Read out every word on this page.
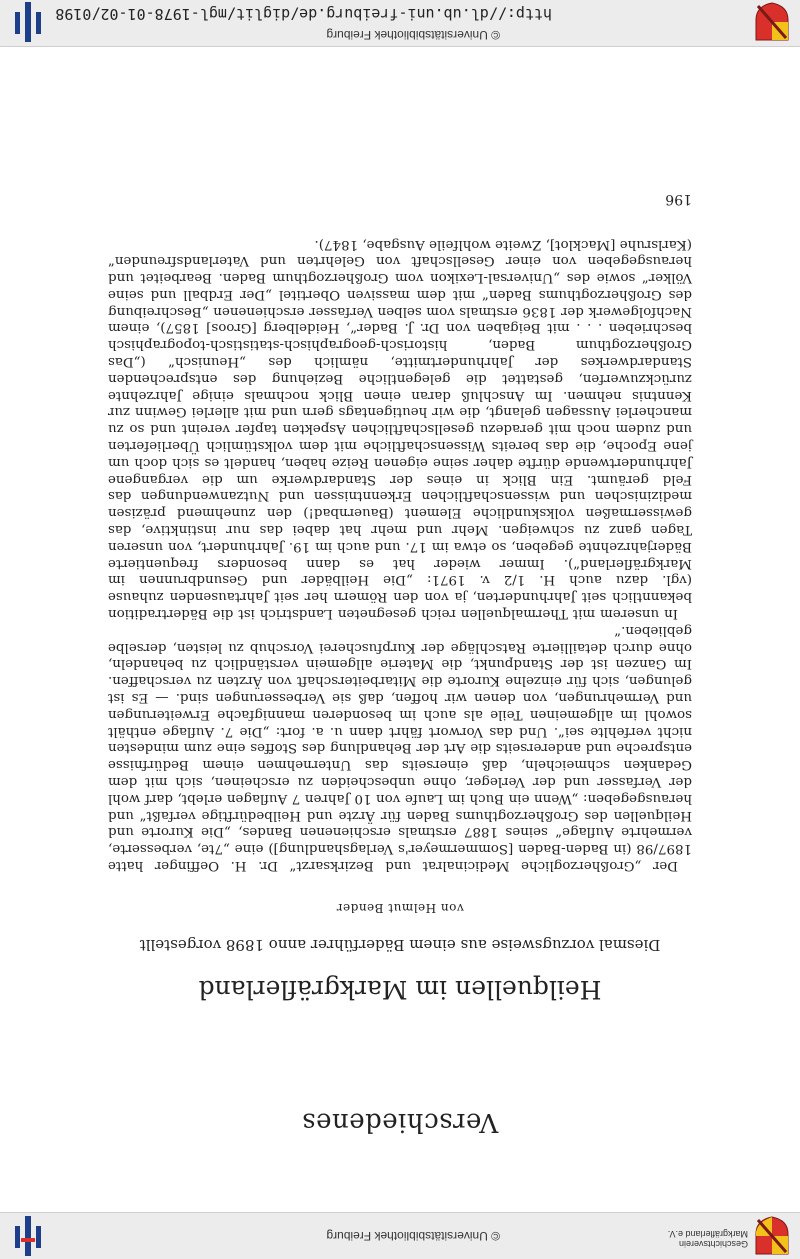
Geschichtsverein
Markgräflerland e.V.
© Universitätsbibliothek Freiburg
Verschiedenes
Heilquellen im Markgräflerland
Diesmal vorzugsweise aus einem Bäderführer anno 1898 vorgestellt
von Helmut Bender

Der „Großherzogliche Medicinalrat und Bezirksarzt“ Dr. H. Oeffinger hatte 1897/98 (in Baden-Baden [Sommermeyer's Verlagshandlung]) eine „7te, verbesserte, vermehrte Auflage“ seines 1887 erstmals erschienenen Bandes, „Die Kurorte und Heilquellen des Großherzogthums Baden für Ärzte und Heilbedürftige verfaßt“ und herausgegeben: „Wenn ein Buch im Laufe von 10 Jahren 7 Auflagen erlebt, darf wohl der Verfasser und der Verleger, ohne unbescheiden zu erscheinen, sich mit dem Gedanken schmeicheln, daß einerseits das Unternehmen einem Bedürfnisse entspreche und andererseits die Art der Behandlung des Stoffes eine zum mindesten nicht verfehlte sei“. Und das Vorwort fährt dann u. a. fort: „Die 7. Auflage enthält sowohl im allgemeinen Teile als auch im besonderen mannigfache Erweiterungen und Vermehrungen, von denen wir hoffen, daß sie Verbesserungen sind. — Es ist gelungen, sich für einzelne Kurorte die Mitarbeiterschaft von Ärzten zu verschaffen. Im Ganzen ist der Standpunkt, die Materie allgemein verständlich zu behandeln, ohne durch detaillierte Ratschläge der Kurpfuscherei Vorschub zu leisten, derselbe geblieben.“

In unserem mit Thermalquellen reich gesegneten Landstrich ist die Bädertradition bekanntlich seit Jahrhunderten, ja von den Römern her seit Jahrtausenden zuhause (vgl. dazu auch H. 1/2 v. 1971: „Die Heilbäder und Gesundbrunnen im Markgräflerland“). Immer wieder hat es dann besonders frequentierte Bäderjahrzehnte gegeben, so etwa im 17. und auch im 19. Jahrhundert, von unseren Tagen ganz zu schweigen. Mehr und mehr hat dabei das nur instinktive, das gewissermaßen volkskundliche Element (Bauernbad!) den zunehmend präzisen medizinischen und wissenschaftlichen Erkenntnissen und Nutzanwendungen das Feld geräumt. Ein Blick in eines der Standardwerke um die vergangene Jahrhundertwende dürfte daher seine eigenen Reize haben, handelt es sich doch um jene Epoche, die das bereits Wissenschaftliche mit dem volkstümlich Überlieferten und zudem noch mit geradezu gesellschaftlichen Aspekten tapfer vereint und so zu mancherlei Aussagen gelangt, die wir heutigentags gern und mit allerlei Gewinn zur Kenntnis nehmen. Im Anschluß daran einen Blick nochmals einige Jahrzehnte zurückzuwerfen, gestattet die gelegentliche Beziehung des entsprechenden Standardwerkes der Jahrhundertmitte, nämlich des „Heunisch“ („Das Großherzogthum Baden, historisch-geographisch-statistisch-topographisch beschrieben . . . mit Beigaben von Dr. J. Bader“, Heidelberg [Groos] 1857), einem Nachfolgewerk der 1836 erstmals vom selben Verfasser erschienenen „Beschreibung des Großherzogthums Baden“ mit dem massiven Obertitel „Der Erdball und seine Völker“ sowie des „Universal-Lexikon vom Großherzogthum Baden. Bearbeitet und herausgegeben von einer Gesellschaft von Gelehrten und Vaterlandsfreunden“ (Karlsruhe [Macklot], Zweite wohlfeile Ausgabe, 1847).

196
© Universitätsbibliothek Freiburg
http://dl.ub.uni-freiburg.de/diglit/mgl-1978-01-02/0198
